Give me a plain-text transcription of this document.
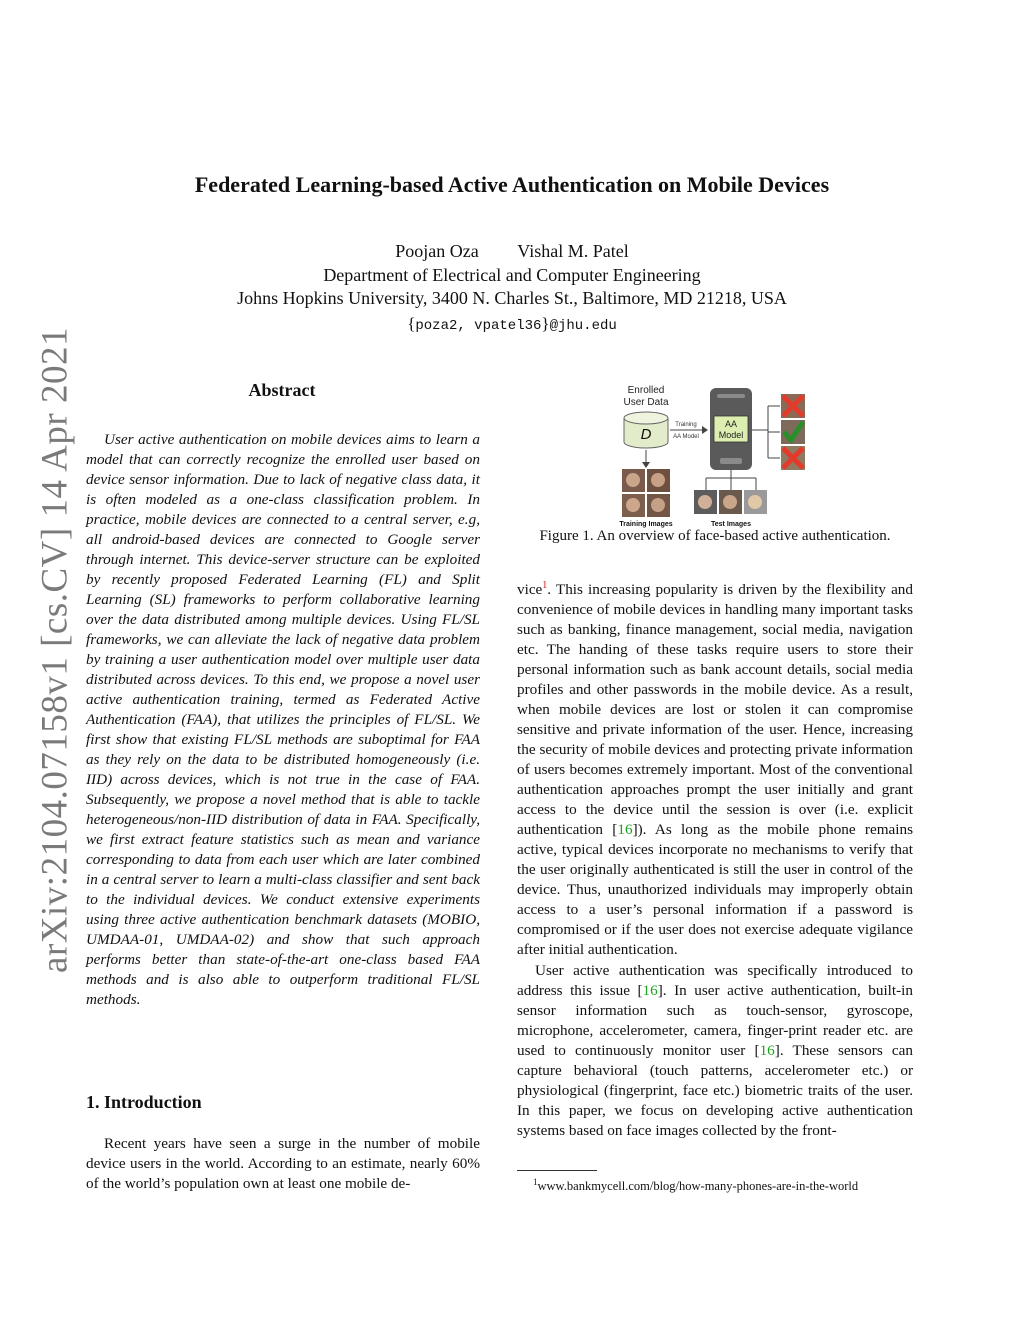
arXiv:2104.07158v1 [cs.CV] 14 Apr 2021
Federated Learning-based Active Authentication on Mobile Devices
Poojan Oza Vishal M. Patel
Department of Electrical and Computer Engineering
Johns Hopkins University, 3400 N. Charles St., Baltimore, MD 21218, USA
{poza2, vpatel36}@jhu.edu
Abstract

User active authentication on mobile devices aims to learn a model that can correctly recognize the enrolled user based on device sensor information. Due to lack of negative class data, it is often modeled as a one-class classification problem. In practice, mobile devices are connected to a central server, e.g, all android-based devices are connected to Google server through internet. This device-server structure can be exploited by recently proposed Federated Learning (FL) and Split Learning (SL) frameworks to perform collaborative learning over the data distributed among multiple devices. Using FL/SL frameworks, we can alleviate the lack of negative data problem by training a user authentication model over multiple user data distributed across devices. To this end, we propose a novel user active authentication training, termed as Federated Active Authentication (FAA), that utilizes the principles of FL/SL. We first show that existing FL/SL methods are suboptimal for FAA as they rely on the data to be distributed homogeneously (i.e. IID) across devices, which is not true in the case of FAA. Subsequently, we propose a novel method that is able to tackle heterogeneous/non-IID distribution of data in FAA. Specifically, we first extract feature statistics such as mean and variance corresponding to data from each user which are later combined in a central server to learn a multi-class classifier and sent back to the individual devices. We conduct extensive experiments using three active authentication benchmark datasets (MOBIO, UMDAA-01, UMDAA-02) and show that such approach performs better than state-of-the-art one-class based FAA methods and is also able to outperform traditional FL/SL methods.

1. Introduction

Recent years have seen a surge in the number of mobile device users in the world. According to an estimate, nearly 60% of the world’s population own at least one mobile de-

Enrolled
User Data
D
Training
AA Model
AA
Model
Training Images	Test Images
Figure 1. An overview of face-based active authentication.

vice$^1$. This increasing popularity is driven by the flexibility and convenience of mobile devices in handling many important tasks such as banking, finance management, social media, navigation etc. The handing of these tasks require users to store their personal information such as bank account details, social media profiles and other passwords in the mobile device. As a result, when mobile devices are lost or stolen it can compromise sensitive and private information of the user. Hence, increasing the security of mobile devices and protecting private information of users becomes extremely important. Most of the conventional authentication approaches prompt the user initially and grant access to the device until the session is over (i.e. explicit authentication [16]). As long as the mobile phone remains active, typical devices incorporate no mechanisms to verify that the user originally authenticated is still the user in control of the device. Thus, unauthorized individuals may improperly obtain access to a user’s personal information if a password is compromised or if the user does not exercise adequate vigilance after initial authentication.

User active authentication was specifically introduced to address this issue [16]. In user active authentication, built-in sensor information such as touch-sensor, gyroscope, microphone, accelerometer, camera, finger-print reader etc. are used to continuously monitor user [16]. These sensors can capture behavioral (touch patterns, accelerometer etc.) or physiological (fingerprint, face etc.) biometric traits of the user. In this paper, we focus on developing active authentication systems based on face images collected by the front-

$^1$www.bankmycell.com/blog/how-many-phones-are-in-the-world
